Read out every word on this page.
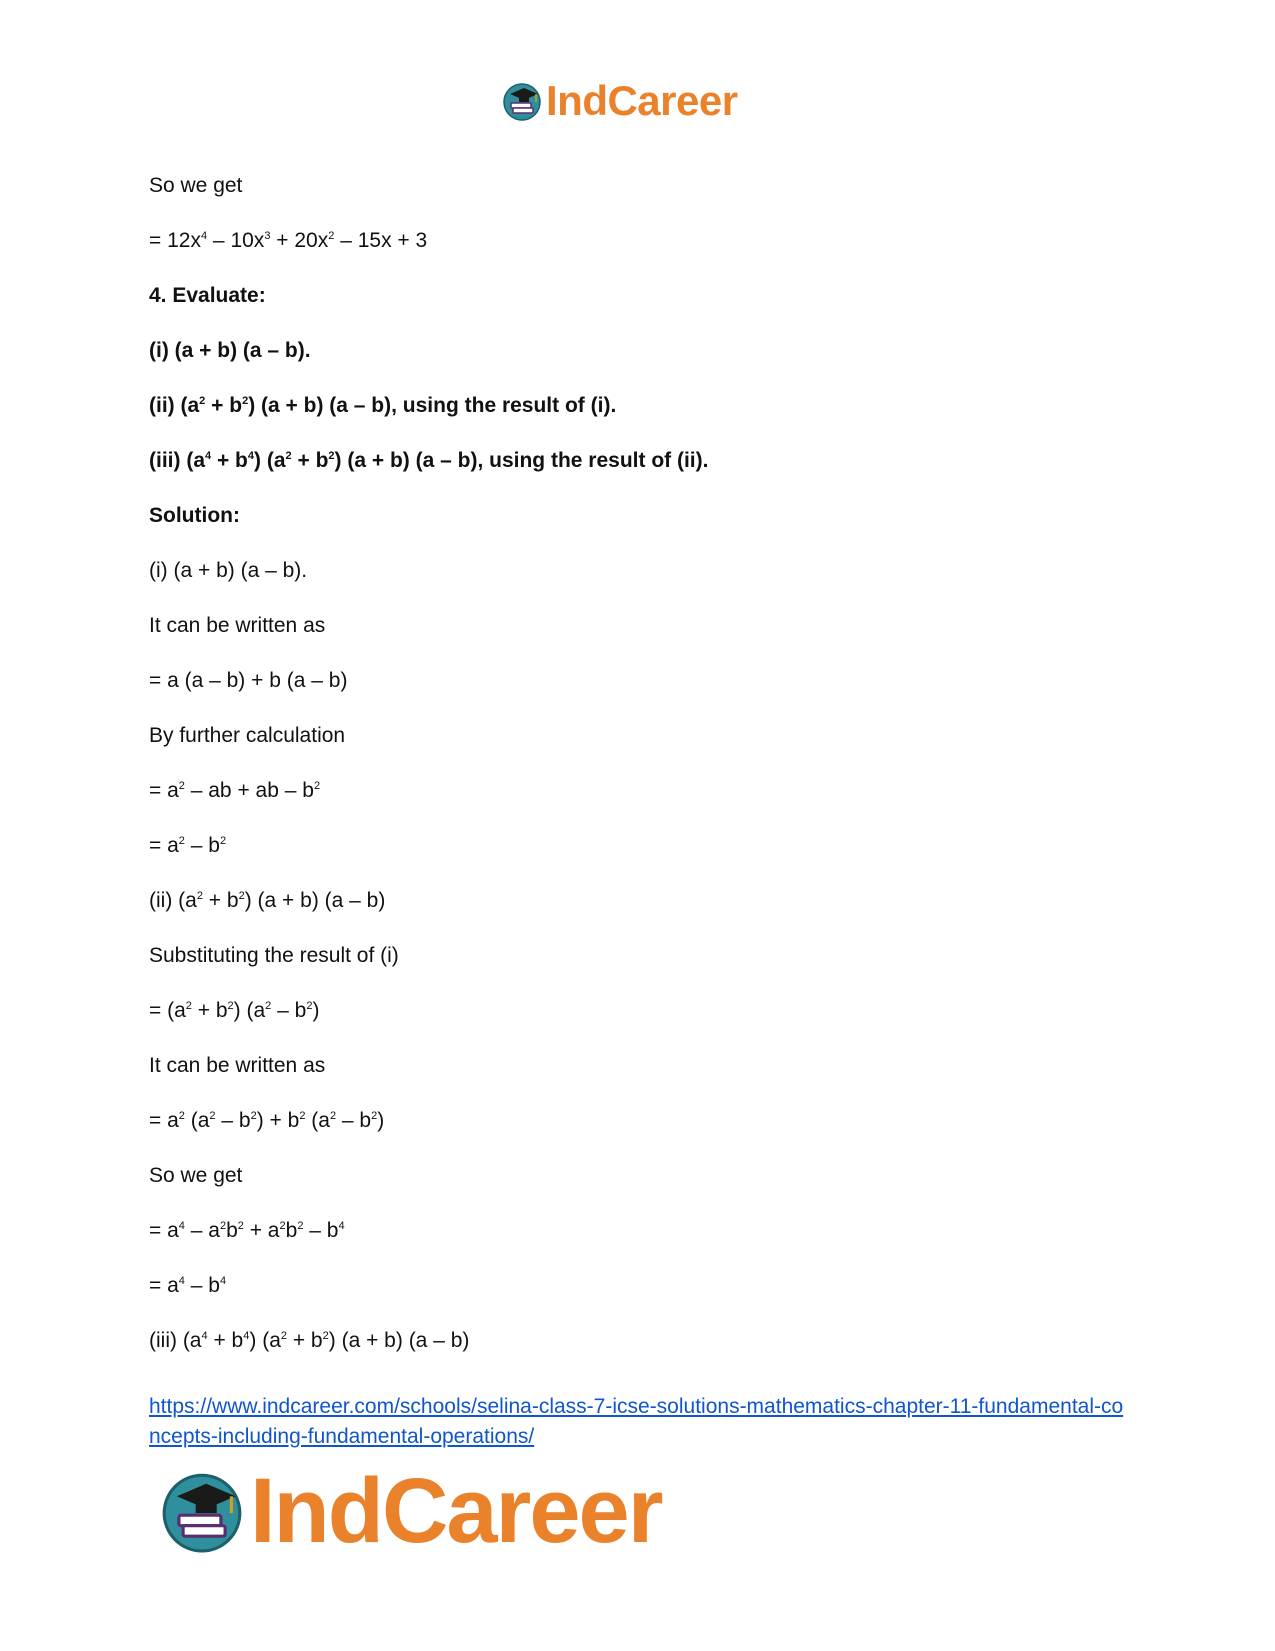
IndCareer
So we get
= $12x^4 - 10x^3 + 20x^2 - 15x + 3$
4. Evaluate:
(i) (a + b) (a – b).
(ii) $(a^2 + b^2) (a + b)$ (a – b), using the result of (i).
(iii) $(a^4 + b^4) (a^2 + b^2) (a + b)$ (a – b), using the result of (ii).
Solution:
(i) (a + b) (a – b).
It can be written as
= a (a – b) + b (a – b)
By further calculation
= $a^2$ – ab + ab – $b^2$
= $a^2 - b^2$
(ii) $(a^2 + b^2) (a + b)$ (a – b)
Substituting the result of (i)
= $(a^2 + b^2)$ $(a^2 - b^2)$
It can be written as
= $a^2$ $(a^2 - b^2) + b^2$ $(a^2 - b^2)$
So we get
= $a^4 - a^2b^2 + a^2b^2 - b^4$
= $a^4 - b^4$
(iii) $(a^4 + b^4) (a^2 + b^2) (a + b)$ (a – b)
https://www.indcareer.com/schools/selina-class-7-icse-solutions-mathematics-chapter-11-fundamental-concepts-including-fundamental-operations/
IndCareer
